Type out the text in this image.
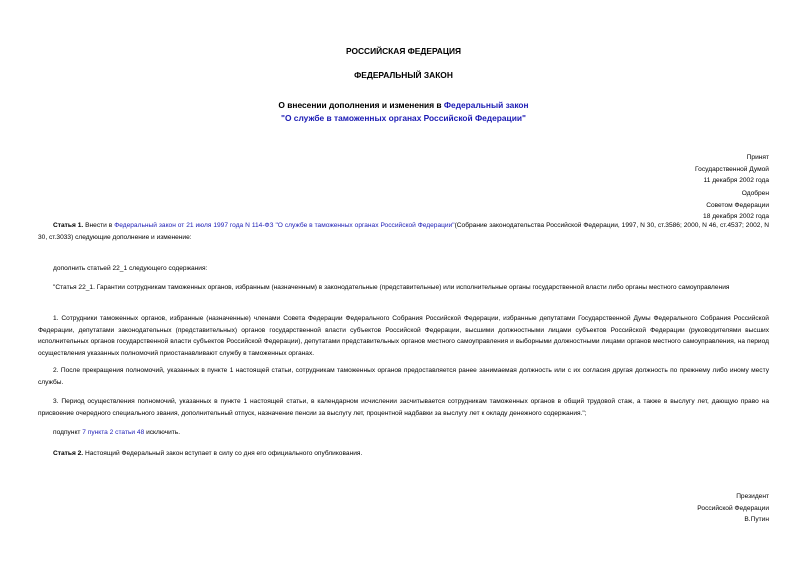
РОССИЙСКАЯ ФЕДЕРАЦИЯ
ФЕДЕРАЛЬНЫЙ ЗАКОН
О внесении дополнения и изменения в Федеральный закон
"О службе в таможенных органах Российской Федерации"
Принят
Государственной Думой
11 декабря 2002 года
Одобрен
Советом Федерации
18 декабря 2002 года

Статья 1. Внести в Федеральный закон от 21 июля 1997 года N 114-ФЗ "О службе в таможенных органах Российской Федерации"(Собрание законодательства Российской Федерации, 1997, N 30, ст.3586; 2000, N 46, ст.4537; 2002, N 30, ст.3033) следующие дополнение и изменение:

дополнить статьей 22_1 следующего содержания:

"Статья 22_1. Гарантии сотрудникам таможенных органов, избранным (назначенным) в законодательные (представительные) или исполнительные органы государственной власти либо органы местного самоуправления

1. Сотрудники таможенных органов, избранные (назначенные) членами Совета Федерации Федерального Собрания Российской Федерации, избранные депутатами Государственной Думы Федерального Собрания Российской Федерации, депутатами законодательных (представительных) органов государственной власти субъектов Российской Федерации, высшими должностными лицами субъектов Российской Федерации (руководителями высших исполнительных органов государственной власти субъектов Российской Федерации), депутатами представительных органов местного самоуправления и выборными должностными лицами органов местного самоуправления, на период осуществления указанных полномочий приостанавливают службу в таможенных органах.

2. После прекращения полномочий, указанных в пункте 1 настоящей статьи, сотрудникам таможенных органов предоставляется ранее занимаемая должность или с их согласия другая должность по прежнему либо иному месту службы.

3. Период осуществления полномочий, указанных в пункте 1 настоящей статьи, в календарном исчислении засчитывается сотрудникам таможенных органов в общий трудовой стаж, а также в выслугу лет, дающую право на присвоение очередного специального звания, дополнительный отпуск, назначение пенсии за выслугу лет, процентной надбавки за выслугу лет к окладу денежного содержания.";

подпункт 7 пункта 2 статьи 48 исключить.

Статья 2. Настоящий Федеральный закон вступает в силу со дня его официального опубликования.

Президент
Российской Федерации
В.Путин
